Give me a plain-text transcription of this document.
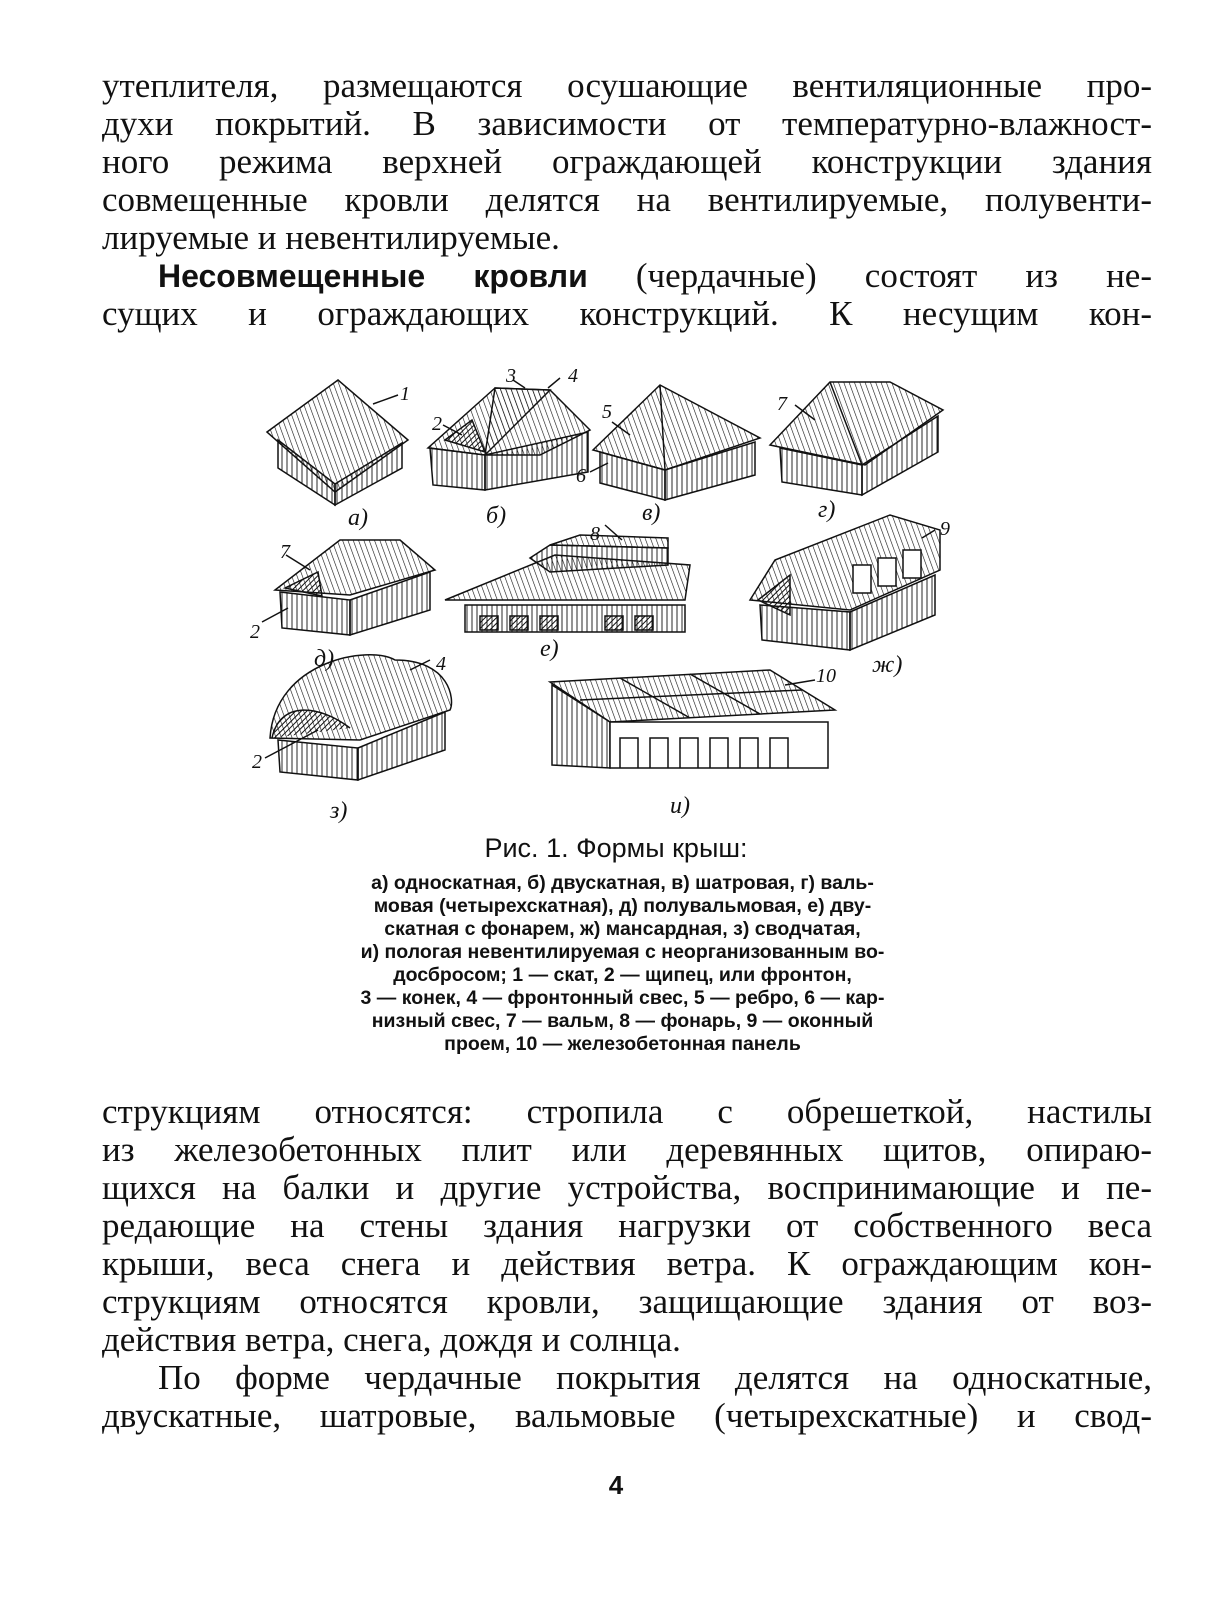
утеплителя, размещаются осушающие вентиляционные про-

духи покрытий. В зависимости от температурно-влажност-

ного режима верхней ограждающей конструкции здания

совмещенные кровли делятся на вентилируемые, полувенти-

лируемые и невентилируемые.

Несовмещенные кровли (чердачные) состоят из не-

сущих и ограждающих конструкций. К несущим кон-

а)	б)	в)	г)
д)	е)
ж)
з)	и)
1
2
3	4
5
6
7
2
7
8	9
2
4
10
Рис. 1. Формы крыш:

а) односкатная, б) двускатная, в) шатровая, г) валь-

мовая (четырехскатная), д) полувальмовая, е) дву-

скатная с фонарем, ж) мансардная, з) сводчатая,

и) пологая невентилируемая с неорганизованным во-

досбросом; 1 — скат, 2 — щипец, или фронтон,

3 — конек, 4 — фронтонный свес, 5 — ребро, 6 — кар-

низный свес, 7 — вальм, 8 — фонарь, 9 — оконный

проем, 10 — железобетонная панель

струкциям относятся: стропила с обрешеткой, настилы

из железобетонных плит или деревянных щитов, опираю-

щихся на балки и другие устройства, воспринимающие и пе-

редающие на стены здания нагрузки от собственного веса

крыши, веса снега и действия ветра. К ограждающим кон-

струкциям относятся кровли, защищающие здания от воз-

действия ветра, снега, дождя и солнца.

По форме чердачные покрытия делятся на односкатные,

двускатные, шатровые, вальмовые (четырехскатные) и свод-

4
